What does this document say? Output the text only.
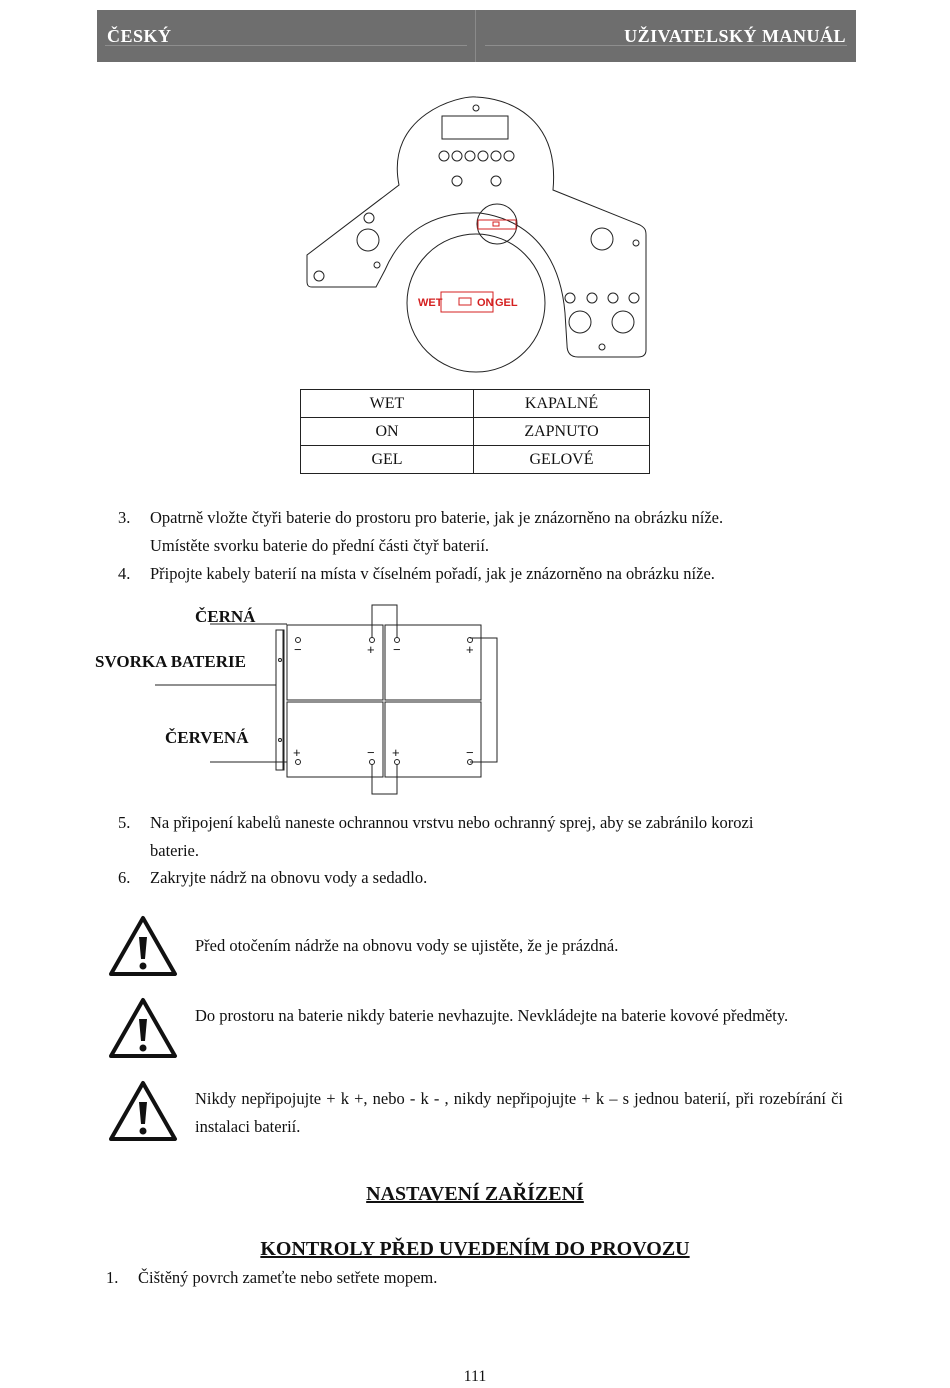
ČESKÝ	UŽIVATELSKÝ MANUÁL
WET	ON GEL
WET	KAPALNÉ
ON	ZAPNUTO
GEL	GELOVÉ
3. Opatrně vložte čtyři baterie do prostoru pro baterie, jak je znázorněno na obrázku níže.
Umístěte svorku baterie do přední části čtyř baterií.
4. Připojte kabely baterií na místa v číselném pořadí, jak je znázorněno na obrázku níže.
−	+ −	+
+	− +	−
ČERNÁ
SVORKA BATERIE
ČERVENÁ
5. Na připojení kabelů naneste ochrannou vrstvu nebo ochranný sprej, aby se zabránilo korozi
baterie.
6. Zakryjte nádrž na obnovu vody a sedadlo.
Před otočením nádrže na obnovu vody se ujistěte, že je prázdná.
Do prostoru na baterie nikdy baterie nevhazujte. Nevkládejte na baterie kovové předměty.
Nikdy nepřipojujte + k +, nebo - k - , nikdy nepřipojujte + k – s jednou baterií, při rozebírání či instalaci baterií.
NASTAVENÍ ZAŘÍZENÍ
KONTROLY PŘED UVEDENÍM DO PROVOZU
1. Čištěný povrch zameťte nebo setřete mopem.
111
